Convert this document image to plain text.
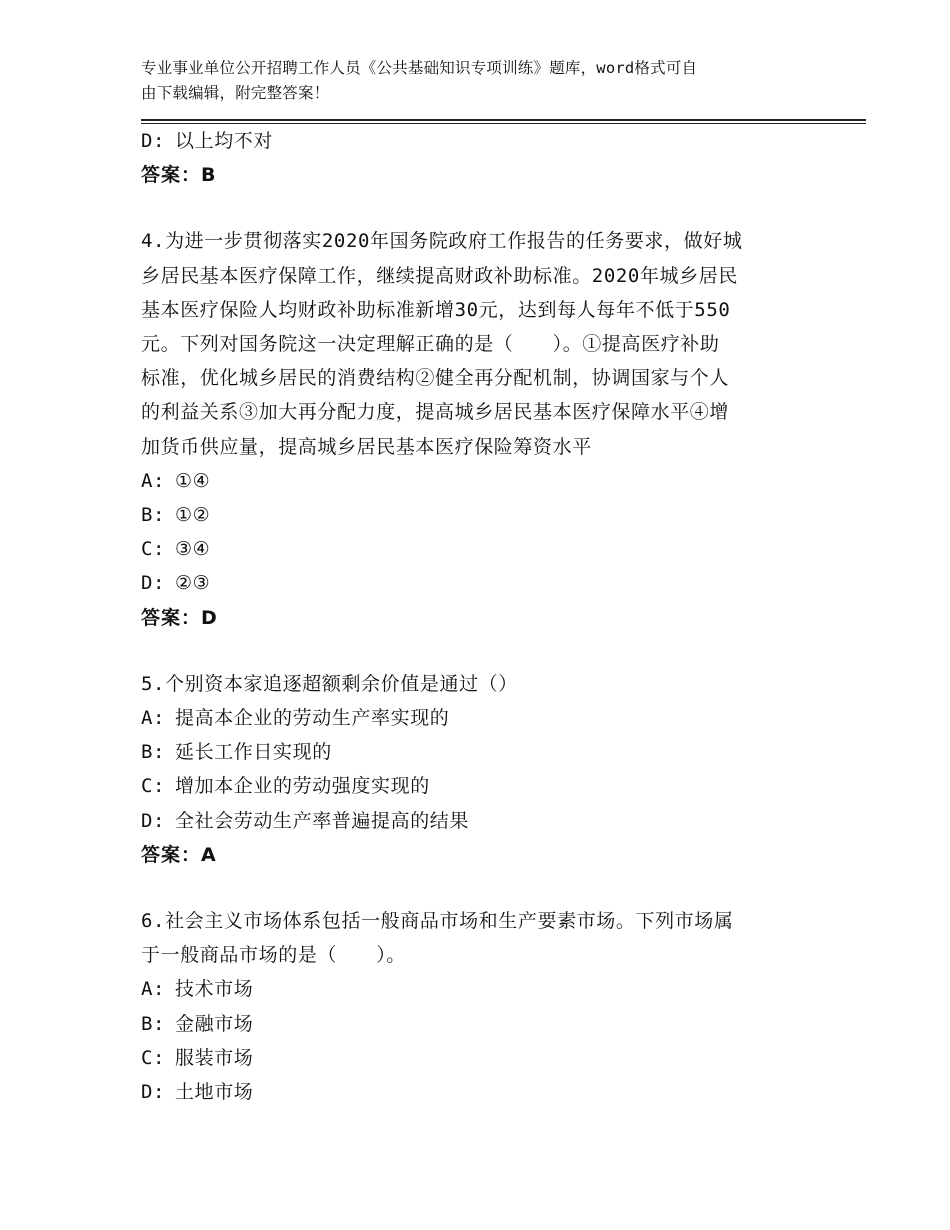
专业事业单位公开招聘工作人员《公共基础知识专项训练》题库，word格式可自
由下载编辑，附完整答案！
D: 以上均不对
答案：B
4.为进一步贯彻落实2020年国务院政府工作报告的任务要求，做好城
乡居民基本医疗保障工作，继续提高财政补助标准。2020年城乡居民
基本医疗保险人均财政补助标准新增30元，达到每人每年不低于550
元。下列对国务院这一决定理解正确的是（　　）。①提高医疗补助
标准，优化城乡居民的消费结构②健全再分配机制，协调国家与个人
的利益关系③加大再分配力度，提高城乡居民基本医疗保障水平④增
加货币供应量，提高城乡居民基本医疗保险筹资水平
A: ①④
B: ①②
C: ③④
D: ②③
答案：D
5.个别资本家追逐超额剩余价值是通过（）
A: 提高本企业的劳动生产率实现的
B: 延长工作日实现的
C: 增加本企业的劳动强度实现的
D: 全社会劳动生产率普遍提高的结果
答案：A
6.社会主义市场体系包括一般商品市场和生产要素市场。下列市场属
于一般商品市场的是（　　）。
A: 技术市场
B: 金融市场
C: 服装市场
D: 土地市场
